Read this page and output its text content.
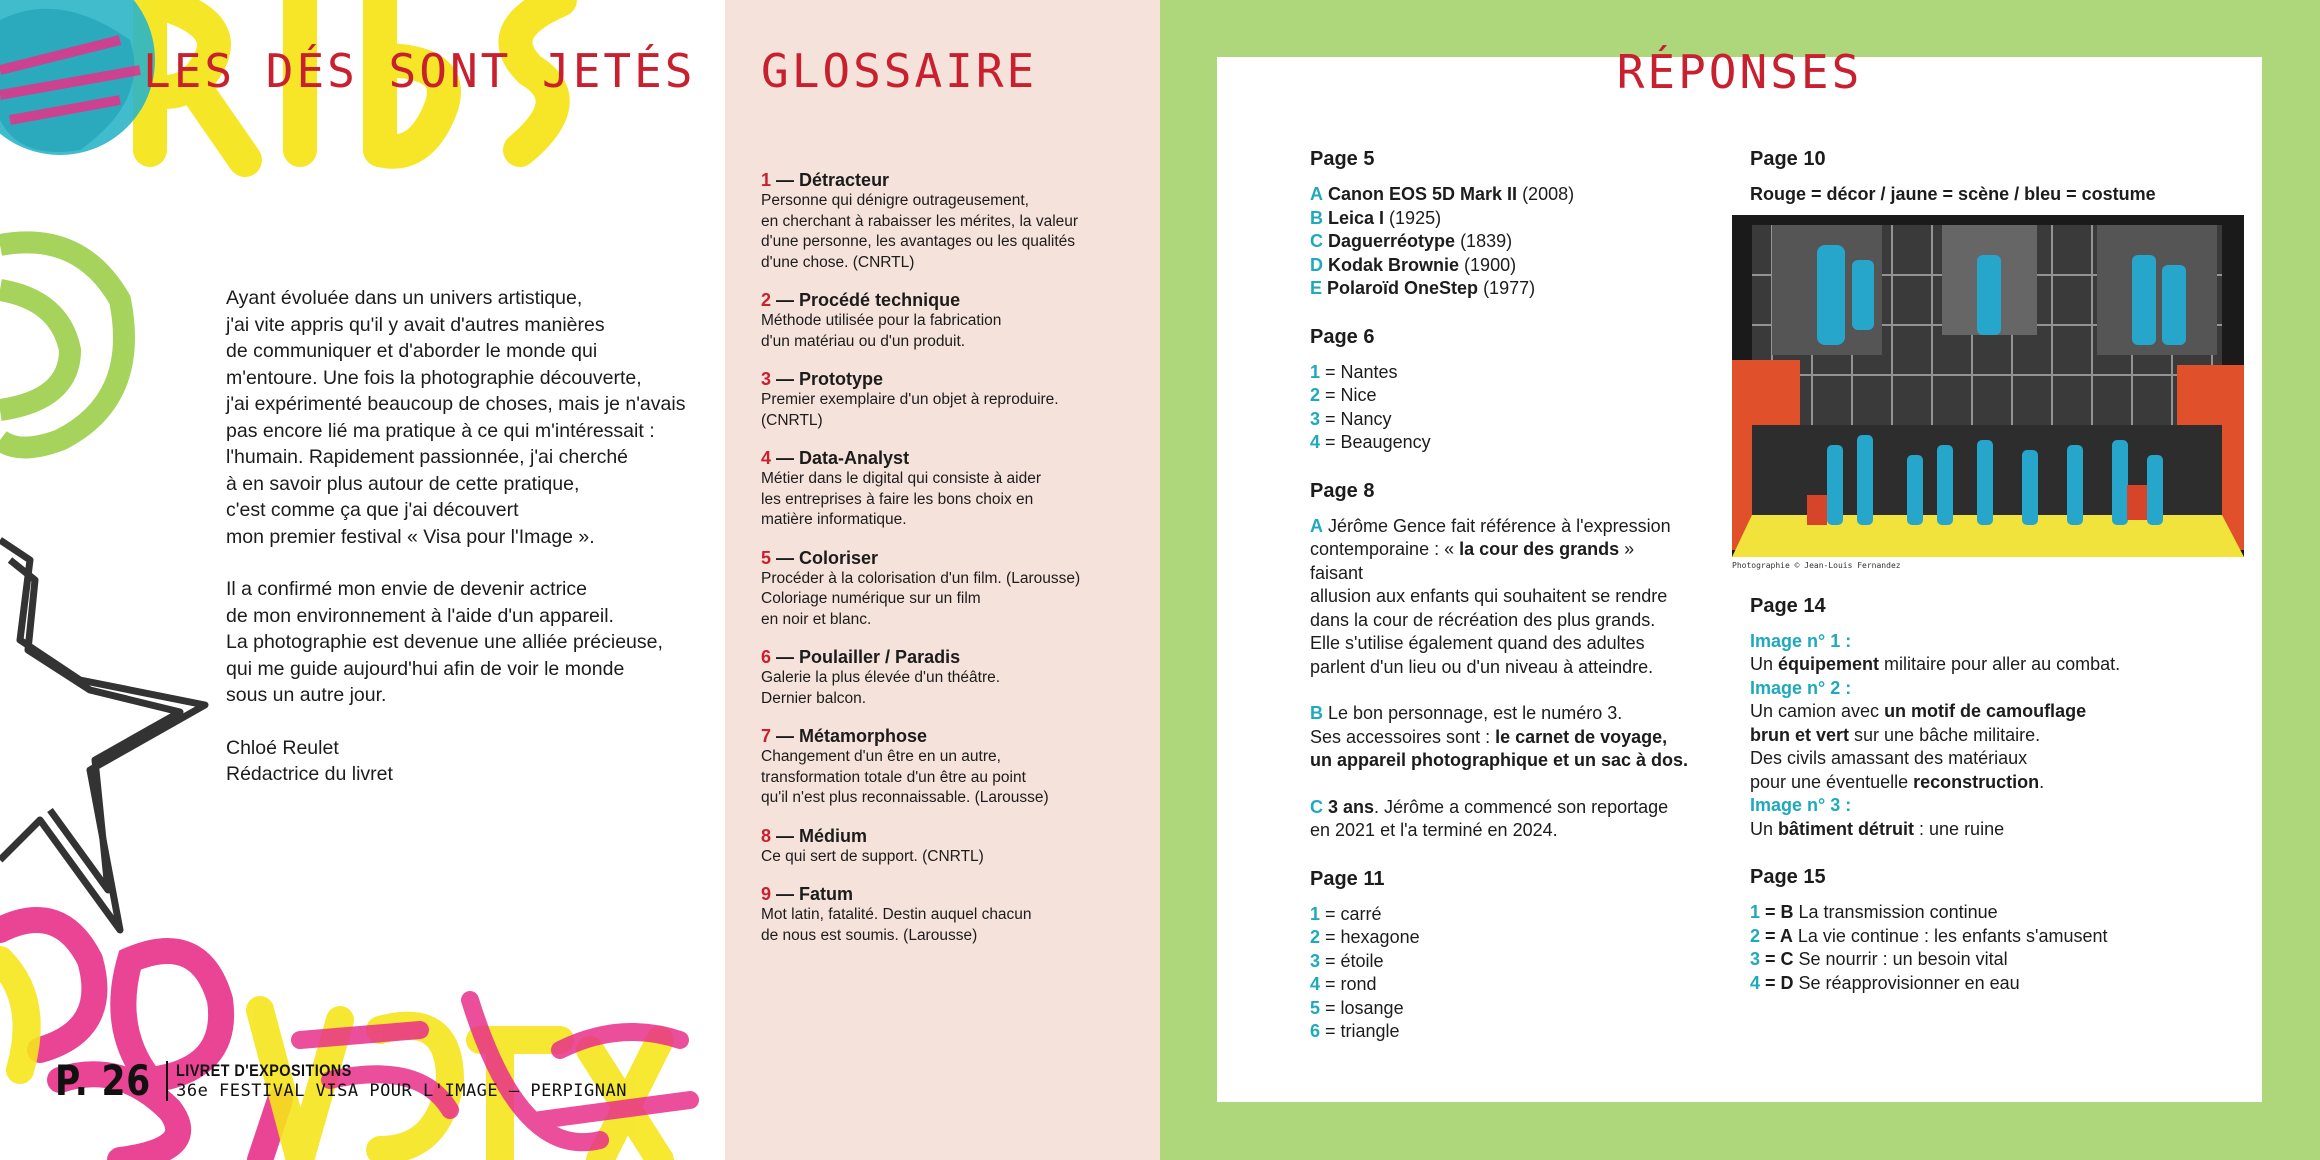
LES DÉS SONT JETÉS

Ayant évoluée dans un univers artistique,
j'ai vite appris qu'il y avait d'autres manières
de communiquer et d'aborder le monde qui
m'entoure. Une fois la photographie découverte,
j'ai expérimenté beaucoup de choses, mais je n'avais
pas encore lié ma pratique à ce qui m'intéressait :
l'humain. Rapidement passionnée, j'ai cherché
à en savoir plus autour de cette pratique,
c'est comme ça que j'ai découvert
mon premier festival « Visa pour l'Image ».

Il a confirmé mon envie de devenir actrice
de mon environnement à l'aide d'un appareil.
La photographie est devenue une alliée précieuse,
qui me guide aujourd'hui afin de voir le monde
sous un autre jour.

Chloé Reulet
Rédactrice du livret

P. 26 LIVRET D'EXPOSITIONS
36e FESTIVAL VISA POUR L'IMAGE – PERPIGNAN
GLOSSAIRE
1 — Détracteur
Personne qui dénigre outrageusement,
en cherchant à rabaisser les mérites, la valeur
d'une personne, les avantages ou les qualités
d'une chose. (CNRTL)
2 — Procédé technique
Méthode utilisée pour la fabrication
d'un matériau ou d'un produit.
3 — Prototype
Premier exemplaire d'un objet à reproduire.
(CNRTL)
4 — Data-Analyst
Métier dans le digital qui consiste à aider
les entreprises à faire les bons choix en
matière informatique.
5 — Coloriser
Procéder à la colorisation d'un film. (Larousse)
Coloriage numérique sur un film
en noir et blanc.
6 — Poulailler / Paradis
Galerie la plus élevée d'un théâtre.
Dernier balcon.
7 — Métamorphose
Changement d'un être en un autre,
transformation totale d'un être au point
qu'il n'est plus reconnaissable. (Larousse)
8 — Médium
Ce qui sert de support. (CNRTL)
9 — Fatum
Mot latin, fatalité. Destin auquel chacun
de nous est soumis. (Larousse)
RÉPONSES
Page 5
A Canon EOS 5D Mark II (2008)
B Leica I (1925)
C Daguerréotype (1839)
D Kodak Brownie (1900)
E Polaroïd OneStep (1977)
Page 6
1 = Nantes
2 = Nice
3 = Nancy
4 = Beaugency
Page 8
A Jérôme Gence fait référence à l'expression
contemporaine : « la cour des grands » faisant
allusion aux enfants qui souhaitent se rendre
dans la cour de récréation des plus grands.
Elle s'utilise également quand des adultes
parlent d'un lieu ou d'un niveau à atteindre.
B Le bon personnage, est le numéro 3.
Ses accessoires sont : le carnet de voyage,
un appareil photographique et un sac à dos.
C 3 ans. Jérôme a commencé son reportage
en 2021 et l'a terminé en 2024.
Page 11
1 = carré
2 = hexagone
3 = étoile
4 = rond
5 = losange
6 = triangle
Page 10
Rouge = décor / jaune = scène / bleu = costume
Photographie © Jean-Louis Fernandez
Page 14
Image n° 1 :
Un équipement militaire pour aller au combat.
Image n° 2 :
Un camion avec un motif de camouflage
brun et vert sur une bâche militaire.
Des civils amassant des matériaux
pour une éventuelle reconstruction.
Image n° 3 :
Un bâtiment détruit : une ruine
Page 15
1 = B La transmission continue
2 = A La vie continue : les enfants s'amusent
3 = C Se nourrir : un besoin vital
4 = D Se réapprovisionner en eau
